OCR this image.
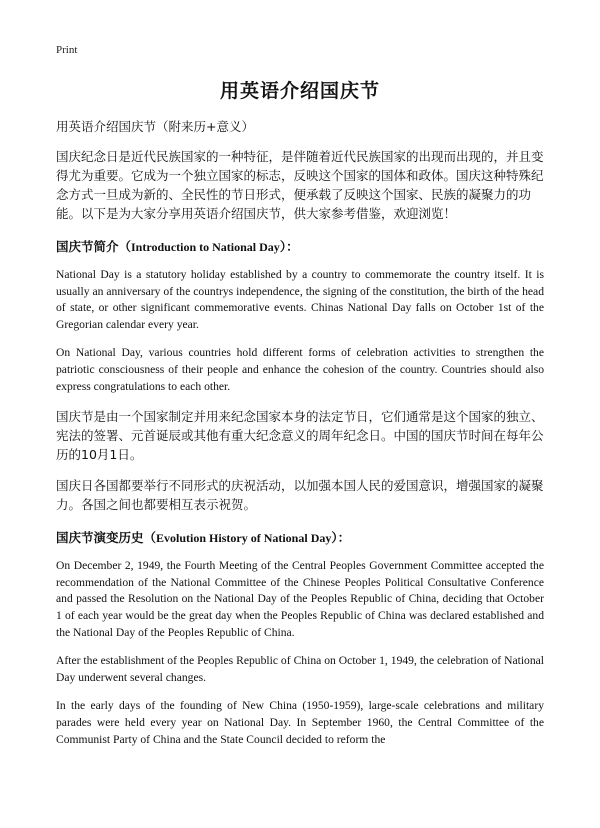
Print
用英语介绍国庆节
用英语介绍国庆节（附来历+意义）

国庆纪念日是近代民族国家的一种特征，是伴随着近代民族国家的出现而出现的，并且变得尤为重要。它成为一个独立国家的标志，反映这个国家的国体和政体。国庆这种特殊纪念方式一旦成为新的、全民性的节日形式，便承载了反映这个国家、民族的凝聚力的功能。以下是为大家分享用英语介绍国庆节，供大家参考借鉴，欢迎浏览！

国庆节简介（Introduction to National Day）：

National Day is a statutory holiday established by a country to commemorate the country itself. It is usually an anniversary of the countrys independence, the signing of the constitution, the birth of the head of state, or other significant commemorative events. Chinas National Day falls on October 1st of the Gregorian calendar every year.

On National Day, various countries hold different forms of celebration activities to strengthen the patriotic consciousness of their people and enhance the cohesion of the country. Countries should also express congratulations to each other.

国庆节是由一个国家制定并用来纪念国家本身的法定节日，它们通常是这个国家的独立、宪法的签署、元首诞辰或其他有重大纪念意义的周年纪念日。中国的国庆节时间在每年公历的10月1日。

国庆日各国都要举行不同形式的庆祝活动，以加强本国人民的爱国意识，增强国家的凝聚力。各国之间也都要相互表示祝贺。

国庆节演变历史（Evolution History of National Day）：

On December 2, 1949, the Fourth Meeting of the Central Peoples Government Committee accepted the recommendation of the National Committee of the Chinese Peoples Political Consultative Conference and passed the Resolution on the National Day of the Peoples Republic of China, deciding that October 1 of each year would be the great day when the Peoples Republic of China was declared established and the National Day of the Peoples Republic of China.

After the establishment of the Peoples Republic of China on October 1, 1949, the celebration of National Day underwent several changes.

In the early days of the founding of New China (1950-1959), large-scale celebrations and military parades were held every year on National Day. In September 1960, the Central Committee of the Communist Party of China and the State Council decided to reform the
